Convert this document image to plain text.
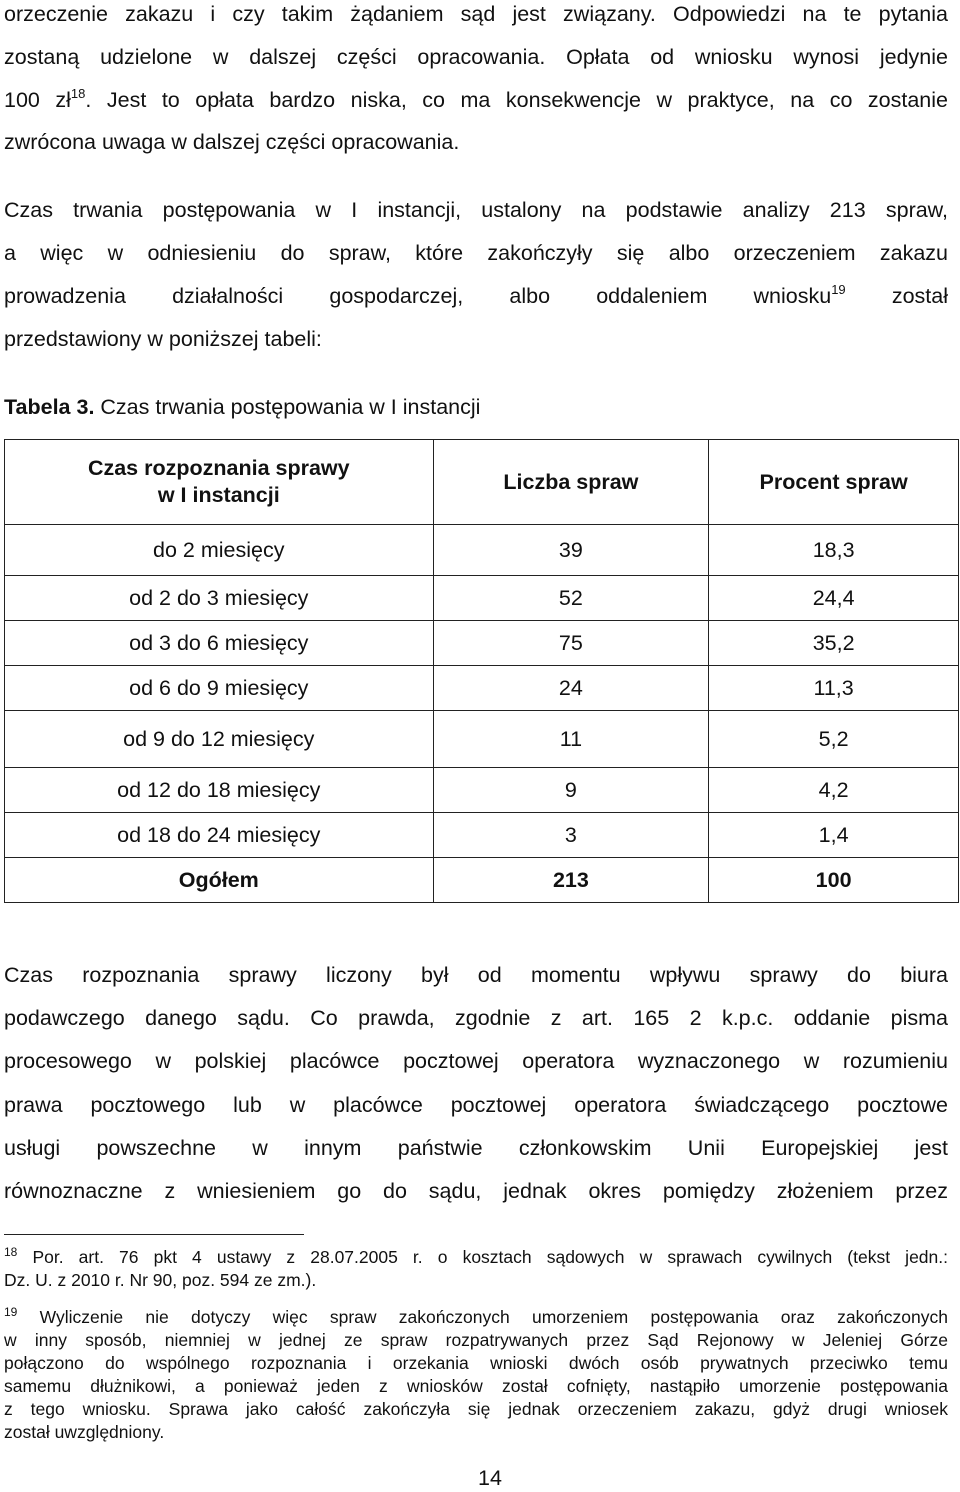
orzeczenie zakazu i czy takim żądaniem sąd jest związany. Odpowiedzi na te pytania
zostaną udzielone w dalszej części opracowania. Opłata od wniosku wynosi jedynie
100 $zł^{18}$. Jest to opłata bardzo niska, co ma konsekwencje w praktyce, na co zostanie
zwrócona uwaga w dalszej części opracowania.
Czas trwania postępowania w I instancji, ustalony na podstawie analizy 213 spraw,
a więc w odniesieniu do spraw, które zakończyły się albo orzeczeniem zakazu
prowadzenia działalności gospodarczej, albo oddaleniem wniosku$^{19}$ został
przedstawiony w poniższej tabeli:
Tabela 3. Czas trwania postępowania w I instancji
Czas rozpoznania sprawy
w I instancji	Liczba spraw	Procent spraw
do 2 miesięcy	39	18,3
od 2 do 3 miesięcy	52	24,4
od 3 do 6 miesięcy	75	35,2
od 6 do 9 miesięcy	24	11,3
od 9 do 12 miesięcy	11	5,2
od 12 do 18 miesięcy	9	4,2
od 18 do 24 miesięcy	3	1,4
Ogółem	213	100
Czas rozpoznania sprawy liczony był od momentu wpływu sprawy do biura
podawczego danego sądu. Co prawda, zgodnie z art. 165 2 k.p.c. oddanie pisma
procesowego w polskiej placówce pocztowej operatora wyznaczonego w rozumieniu
prawa pocztowego lub w placówce pocztowej operatora świadczącego pocztowe
usługi powszechne w innym państwie członkowskim Unii Europejskiej jest
równoznaczne z wniesieniem go do sądu, jednak okres pomiędzy złożeniem przez
$^{18}$ Por. art. 76 pkt 4 ustawy z 28.07.2005 r. o kosztach sądowych w sprawach cywilnych (tekst jedn.:
Dz. U. z 2010 r. Nr 90, poz. 594 ze zm.).
$^{19}$ Wyliczenie nie dotyczy więc spraw zakończonych umorzeniem postępowania oraz zakończonych
w inny sposób, niemniej w jednej ze spraw rozpatrywanych przez Sąd Rejonowy w Jeleniej Górze
połączono do wspólnego rozpoznania i orzekania wnioski dwóch osób prywatnych przeciwko temu
samemu dłużnikowi, a ponieważ jeden z wniosków został cofnięty, nastąpiło umorzenie postępowania
z tego wniosku. Sprawa jako całość zakończyła się jednak orzeczeniem zakazu, gdyż drugi wniosek
został uwzględniony.
14
